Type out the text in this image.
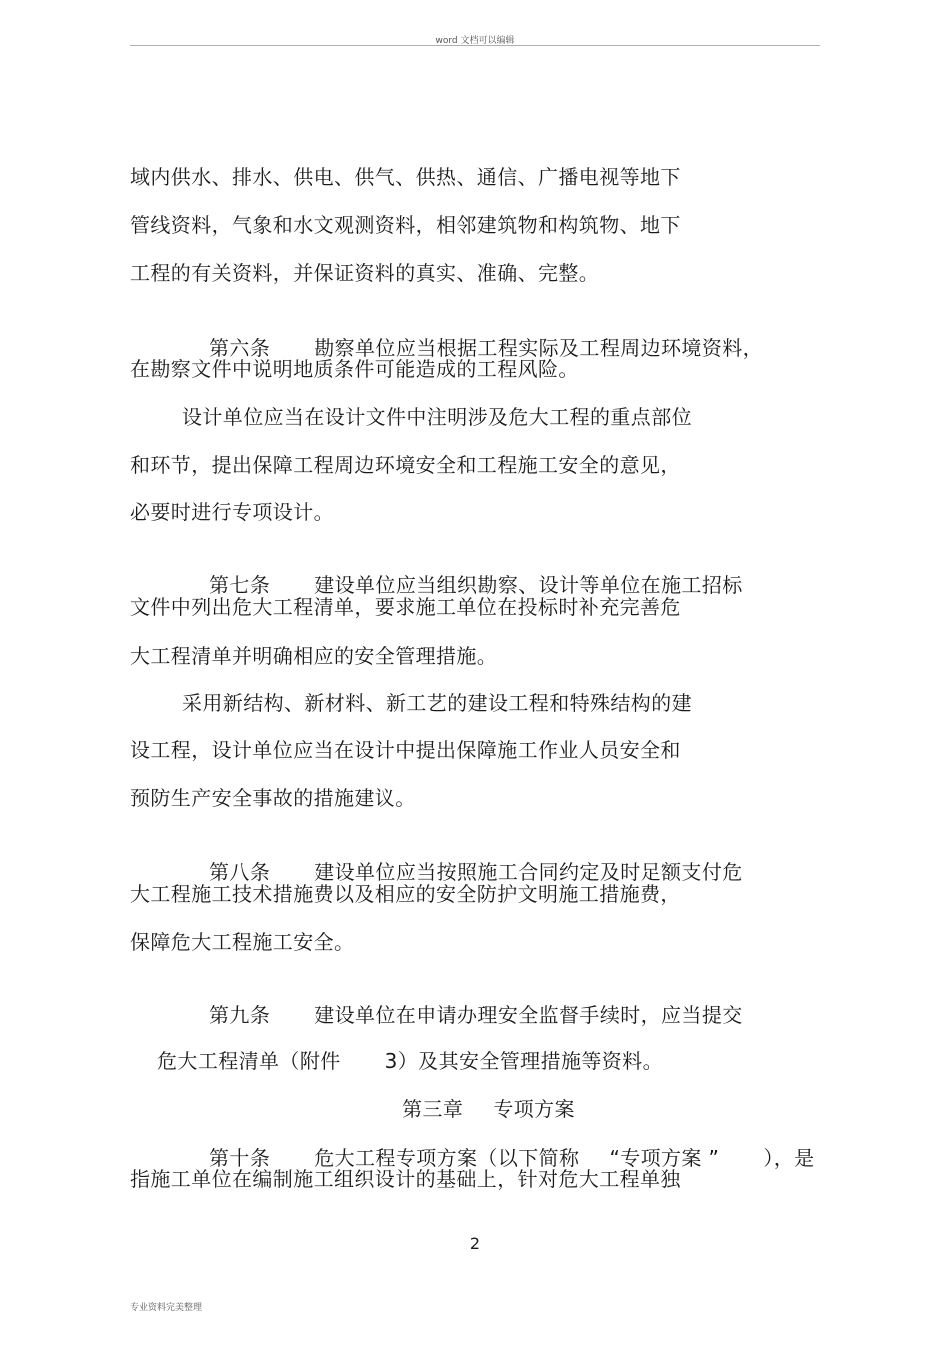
word 文档可以编辑
域内供水、排水、供电、供气、供热、通信、广播电视等地下
管线资料，气象和水文观测资料，相邻建筑物和构筑物、地下
工程的有关资料，并保证资料的真实、准确、完整。

第六条 勘察单位应当根据工程实际及工程周边环境资料，

在勘察文件中说明地质条件可能造成的工程风险。
设计单位应当在设计文件中注明涉及危大工程的重点部位
和环节，提出保障工程周边环境安全和工程施工安全的意见，
必要时进行专项设计。

第七条 建设单位应当组织勘察、设计等单位在施工招标

文件中列出危大工程清单，要求施工单位在投标时补充完善危
大工程清单并明确相应的安全管理措施。
采用新结构、新材料、新工艺的建设工程和特殊结构的建
设工程，设计单位应当在设计中提出保障施工作业人员安全和
预防生产安全事故的措施建议。

第八条 建设单位应当按照施工合同约定及时足额支付危

大工程施工技术措施费以及相应的安全防护文明施工措施费，
保障危大工程施工安全。

第九条 建设单位在申请办理安全监督手续时，应当提交

危大工程清单（附件 3）及其安全管理措施等资料。

第三章 专项方案

第十条 危大工程专项方案（以下简称 “专项方案 ” ），是

指施工单位在编制施工组织设计的基础上，针对危大工程单独
2
专业资料完美整理
